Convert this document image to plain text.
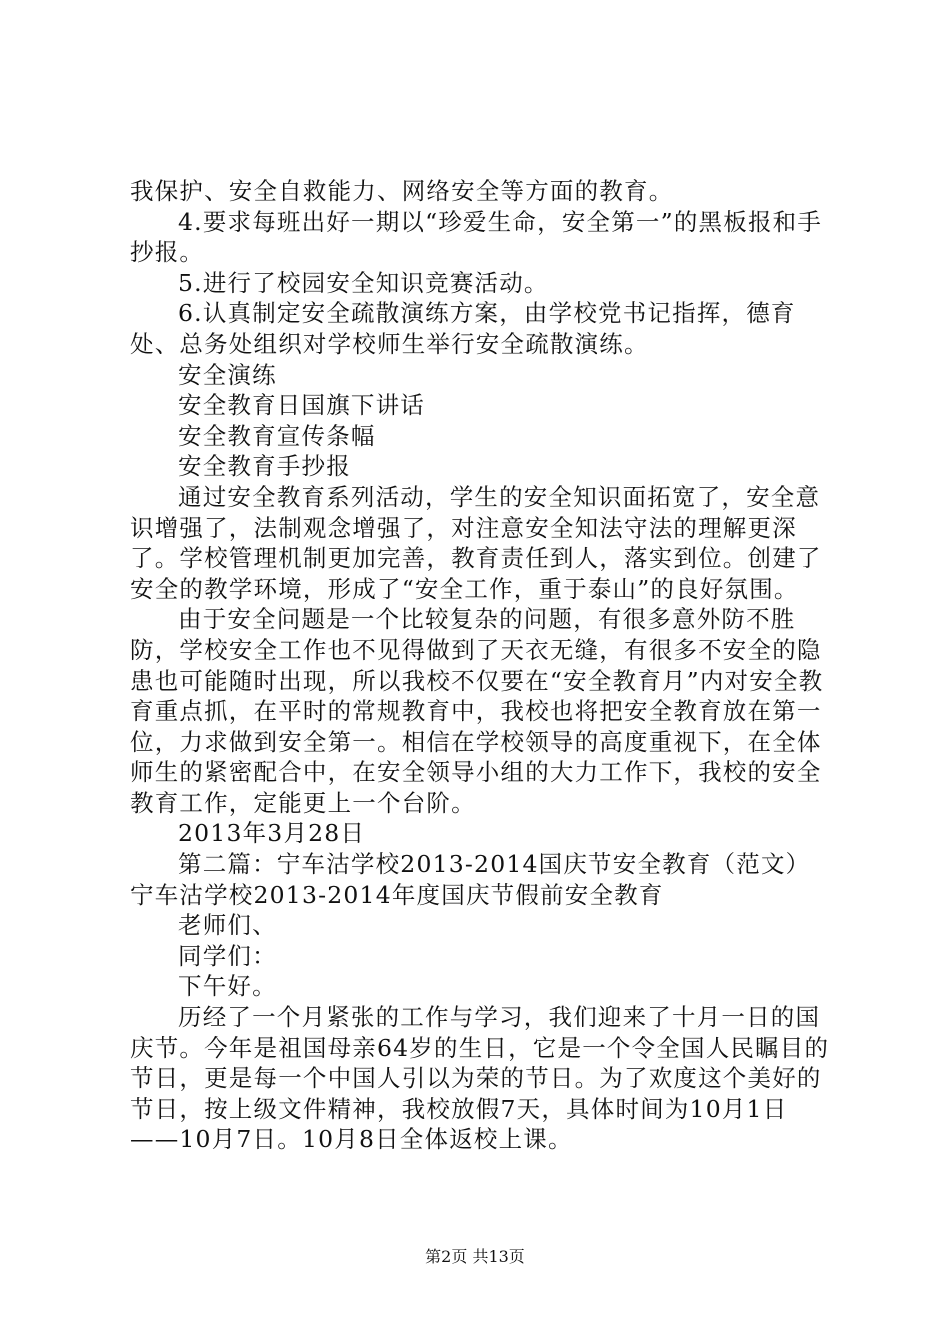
我保护、安全自救能力、网络安全等方面的教育。

4.要求每班出好一期以“珍爱生命，安全第一”的黑板报和手抄报。

5.进行了校园安全知识竞赛活动。

6.认真制定安全疏散演练方案，由学校党书记指挥，德育处、总务处组织对学校师生举行安全疏散演练。

安全演练

安全教育日国旗下讲话

安全教育宣传条幅

安全教育手抄报

通过安全教育系列活动，学生的安全知识面拓宽了，安全意识增强了，法制观念增强了，对注意安全知法守法的理解更深了。学校管理机制更加完善，教育责任到人，落实到位。创建了安全的教学环境，形成了“安全工作，重于泰山”的良好氛围。

由于安全问题是一个比较复杂的问题，有很多意外防不胜防，学校安全工作也不见得做到了天衣无缝，有很多不安全的隐患也可能随时出现，所以我校不仅要在“安全教育月”内对安全教育重点抓，在平时的常规教育中，我校也将把安全教育放在第一位，力求做到安全第一。相信在学校领导的高度重视下，在全体师生的紧密配合中，在安全领导小组的大力工作下，我校的安全教育工作，定能更上一个台阶。

2013年3月28日

第二篇：宁车沽学校2013-2014国庆节安全教育（范文）

宁车沽学校2013-2014年度国庆节假前安全教育

老师们、

同学们：

下午好。

历经了一个月紧张的工作与学习，我们迎来了十月一日的国庆节。今年是祖国母亲64岁的生日，它是一个令全国人民瞩目的节日，更是每一个中国人引以为荣的节日。为了欢度这个美好的节日，按上级文件精神，我校放假7天，具体时间为10月1日——10月7日。10月8日全体返校上课。

第2页 共13页
